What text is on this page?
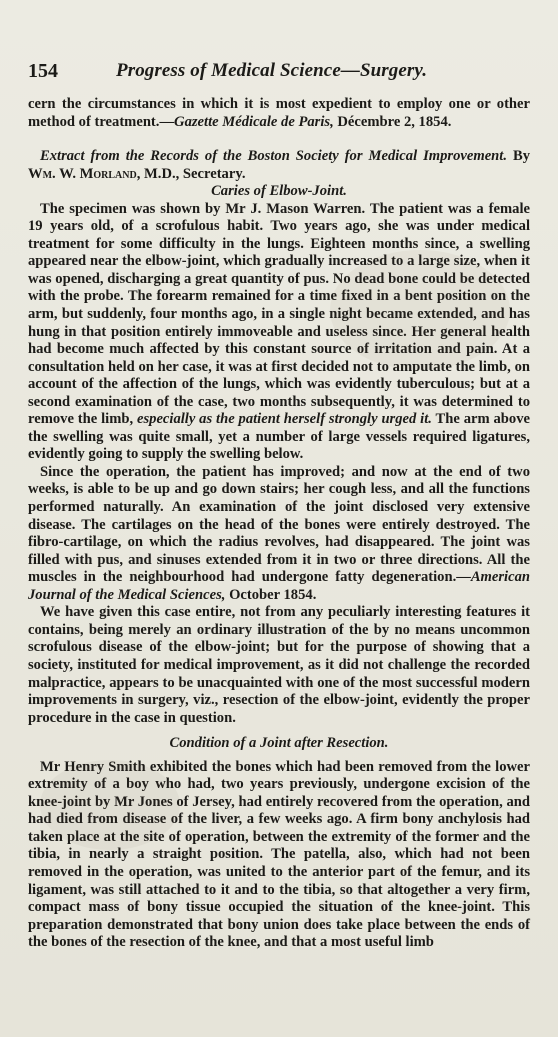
154	Progress of Medical Science—Surgery.

cern the circumstances in which it is most expedient to employ one or other method of treatment.—Gazette Médicale de Paris, Décembre 2, 1854.

Extract from the Records of the Boston Society for Medical Improvement. By Wm. W. Morland, M.D., Secretary.

Caries of Elbow-Joint.

The specimen was shown by Mr J. Mason Warren. The patient was a female 19 years old, of a scrofulous habit. Two years ago, she was under medical treatment for some difficulty in the lungs. Eighteen months since, a swelling appeared near the elbow-joint, which gradually increased to a large size, when it was opened, discharging a great quantity of pus. No dead bone could be detected with the probe. The forearm remained for a time fixed in a bent position on the arm, but suddenly, four months ago, in a single night became extended, and has hung in that position entirely immoveable and useless since. Her general health had become much affected by this constant source of irritation and pain. At a consultation held on her case, it was at first decided not to amputate the limb, on account of the affection of the lungs, which was evidently tuberculous; but at a second examination of the case, two months subsequently, it was determined to remove the limb, especially as the patient herself strongly urged it. The arm above the swelling was quite small, yet a number of large vessels required ligatures, evidently going to supply the swelling below.

Since the operation, the patient has improved; and now at the end of two weeks, is able to be up and go down stairs; her cough less, and all the functions performed naturally. An examination of the joint disclosed very extensive disease. The cartilages on the head of the bones were entirely destroyed. The fibro-cartilage, on which the radius revolves, had disappeared. The joint was filled with pus, and sinuses extended from it in two or three directions. All the muscles in the neighbourhood had undergone fatty degeneration.—American Journal of the Medical Sciences, October 1854.

We have given this case entire, not from any peculiarly interesting features it contains, being merely an ordinary illustration of the by no means uncommon scrofulous disease of the elbow-joint; but for the purpose of showing that a society, instituted for medical improvement, as it did not challenge the recorded malpractice, appears to be unacquainted with one of the most successful modern improvements in surgery, viz., resection of the elbow-joint, evidently the proper procedure in the case in question.

Condition of a Joint after Resection.

Mr Henry Smith exhibited the bones which had been removed from the lower extremity of a boy who had, two years previously, undergone excision of the knee-joint by Mr Jones of Jersey, had entirely recovered from the operation, and had died from disease of the liver, a few weeks ago. A firm bony anchylosis had taken place at the site of operation, between the extremity of the former and the tibia, in nearly a straight position. The patella, also, which had not been removed in the operation, was united to the anterior part of the femur, and its ligament, was still attached to it and to the tibia, so that altogether a very firm, compact mass of bony tissue occupied the situation of the knee-joint. This preparation demonstrated that bony union does take place between the ends of the bones of the resection of the knee, and that a most useful limb
